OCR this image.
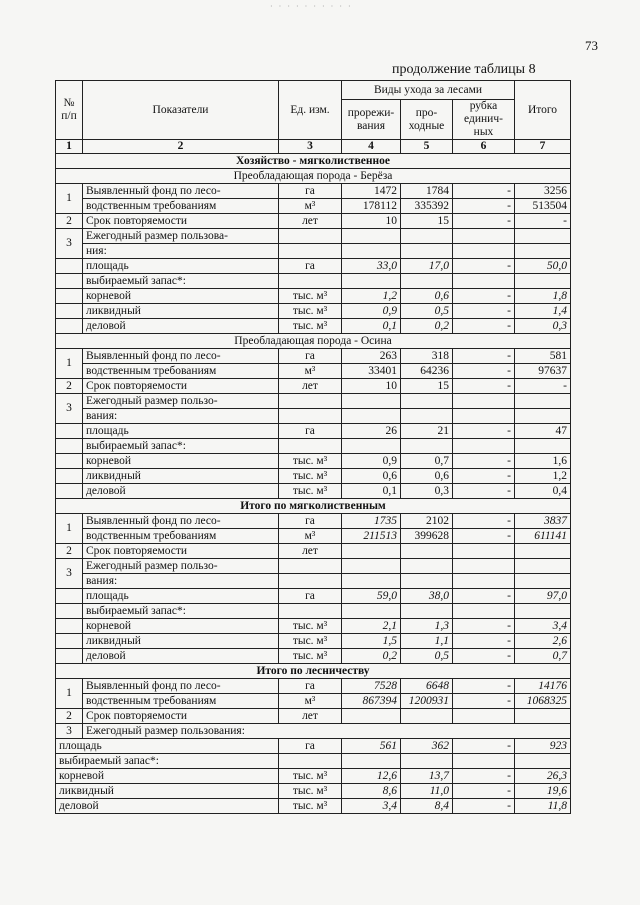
· · · · · · · · · ·
73
продолжение таблицы 8
№ п/п	Показатели	Ед. изм.	Виды ухода за лесами			Итого
			прорежи-вания	про-ходные	рубка единич-ных	
1	2	3	4	5	6	7
Хозяйство - мягколиственное						
Преобладающая порода - Берёза						
1	Выявленный фонд по лесо-	га	1472	1784	-	3256
	водственным требованиям	м³	178112	335392	-	513504
2	Срок повторяемости	лет	10	15	-	-
3	Ежегодный размер пользова-					
	ния:					
	площадь	га	33,0	17,0	-	50,0
	выбираемый запас*:					
	корневой	тыс. м³	1,2	0,6	-	1,8
	ликвидный	тыс. м³	0,9	0,5	-	1,4
	деловой	тыс. м³	0,1	0,2	-	0,3
Преобладающая порода - Осина						
1	Выявленный фонд по лесо-	га	263	318	-	581
	водственным требованиям	м³	33401	64236	-	97637
2	Срок повторяемости	лет	10	15	-	-
3	Ежегодный размер пользо-					
	вания:					
	площадь	га	26	21	-	47
	выбираемый запас*:					
	корневой	тыс. м³	0,9	0,7	-	1,6
	ликвидный	тыс. м³	0,6	0,6	-	1,2
	деловой	тыс. м³	0,1	0,3	-	0,4
Итого по мягколиственным						
1	Выявленный фонд по лесо-	га	1735	2102	-	3837
	водственным требованиям	м³	211513	399628	-	611141
2	Срок повторяемости	лет				
3	Ежегодный размер пользо-					
	вания:					
	площадь	га	59,0	38,0	-	97,0
	выбираемый запас*:					
	корневой	тыс. м³	2,1	1,3	-	3,4
	ликвидный	тыс. м³	1,5	1,1	-	2,6
	деловой	тыс. м³	0,2	0,5	-	0,7
Итого по лесничеству						
1	Выявленный фонд по лесо-	га	7528	6648	-	14176
	водственным требованиям	м³	867394	1200931	-	1068325
2	Срок повторяемости	лет				
3	Ежегодный размер пользования:					
площадь		га	561	362	-	923
выбираемый запас*:						
корневой		тыс. м³	12,6	13,7	-	26,3
ликвидный		тыс. м³	8,6	11,0	-	19,6
деловой		тыс. м³	3,4	8,4	-	11,8
